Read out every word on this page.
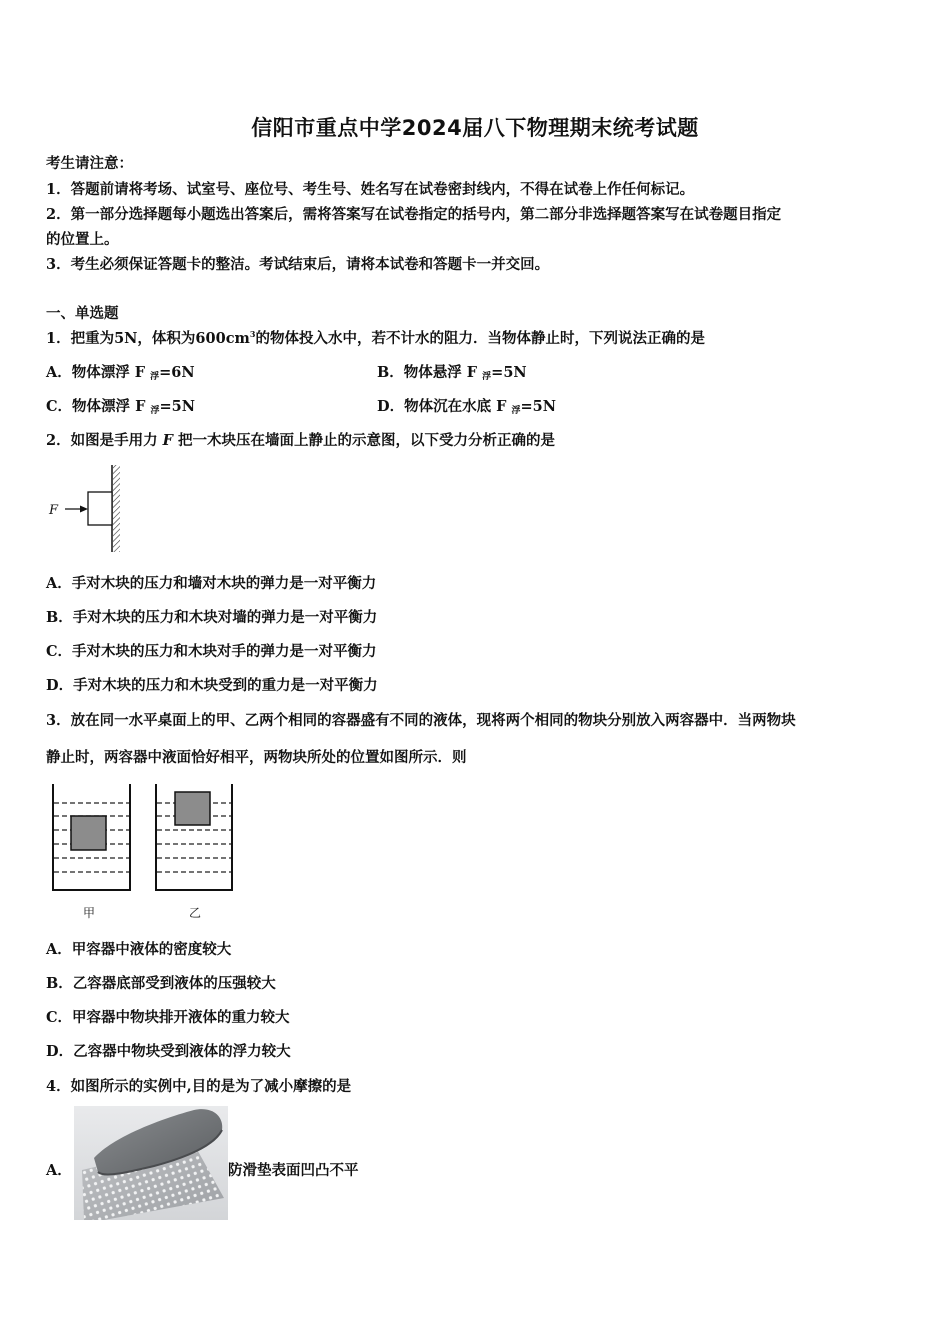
信阳市重点中学2024届八下物理期末统考试题
考生请注意：
1．答题前请将考场、试室号、座位号、考生号、姓名写在试卷密封线内，不得在试卷上作任何标记。
2．第一部分选择题每小题选出答案后，需将答案写在试卷指定的括号内，第二部分非选择题答案写在试卷题目指定
的位置上。
3．考生必须保证答题卡的整洁。考试结束后，请将本试卷和答题卡一并交回。
一、单选题
1．把重为5N，体积为$600cm^3$的物体投入水中，若不计水的阻力．当物体静止时，下列说法正确的是
A．物体漂浮 F $_浮$=6N	B．物体悬浮 F $_浮$=5N
C．物体漂浮 F $_浮$=5N	D．物体沉在水底 F $_浮$=5N
2．如图是手用力 F 把一木块压在墙面上静止的示意图，以下受力分析正确的是
F
A．手对木块的压力和墙对木块的弹力是一对平衡力
B．手对木块的压力和木块对墙的弹力是一对平衡力
C．手对木块的压力和木块对手的弹力是一对平衡力
D．手对木块的压力和木块受到的重力是一对平衡力
3．放在同一水平桌面上的甲、乙两个相同的容器盛有不同的液体，现将两个相同的物块分别放入两容器中．当两物块
静止时，两容器中液面恰好相平，两物块所处的位置如图所示．则
甲	乙
A．甲容器中液体的密度较大
B．乙容器底部受到液体的压强较大
C．甲容器中物块排开液体的重力较大
D．乙容器中物块受到液体的浮力较大
4．如图所示的实例中,目的是为了减小摩擦的是
A．	防滑垫表面凹凸不平
